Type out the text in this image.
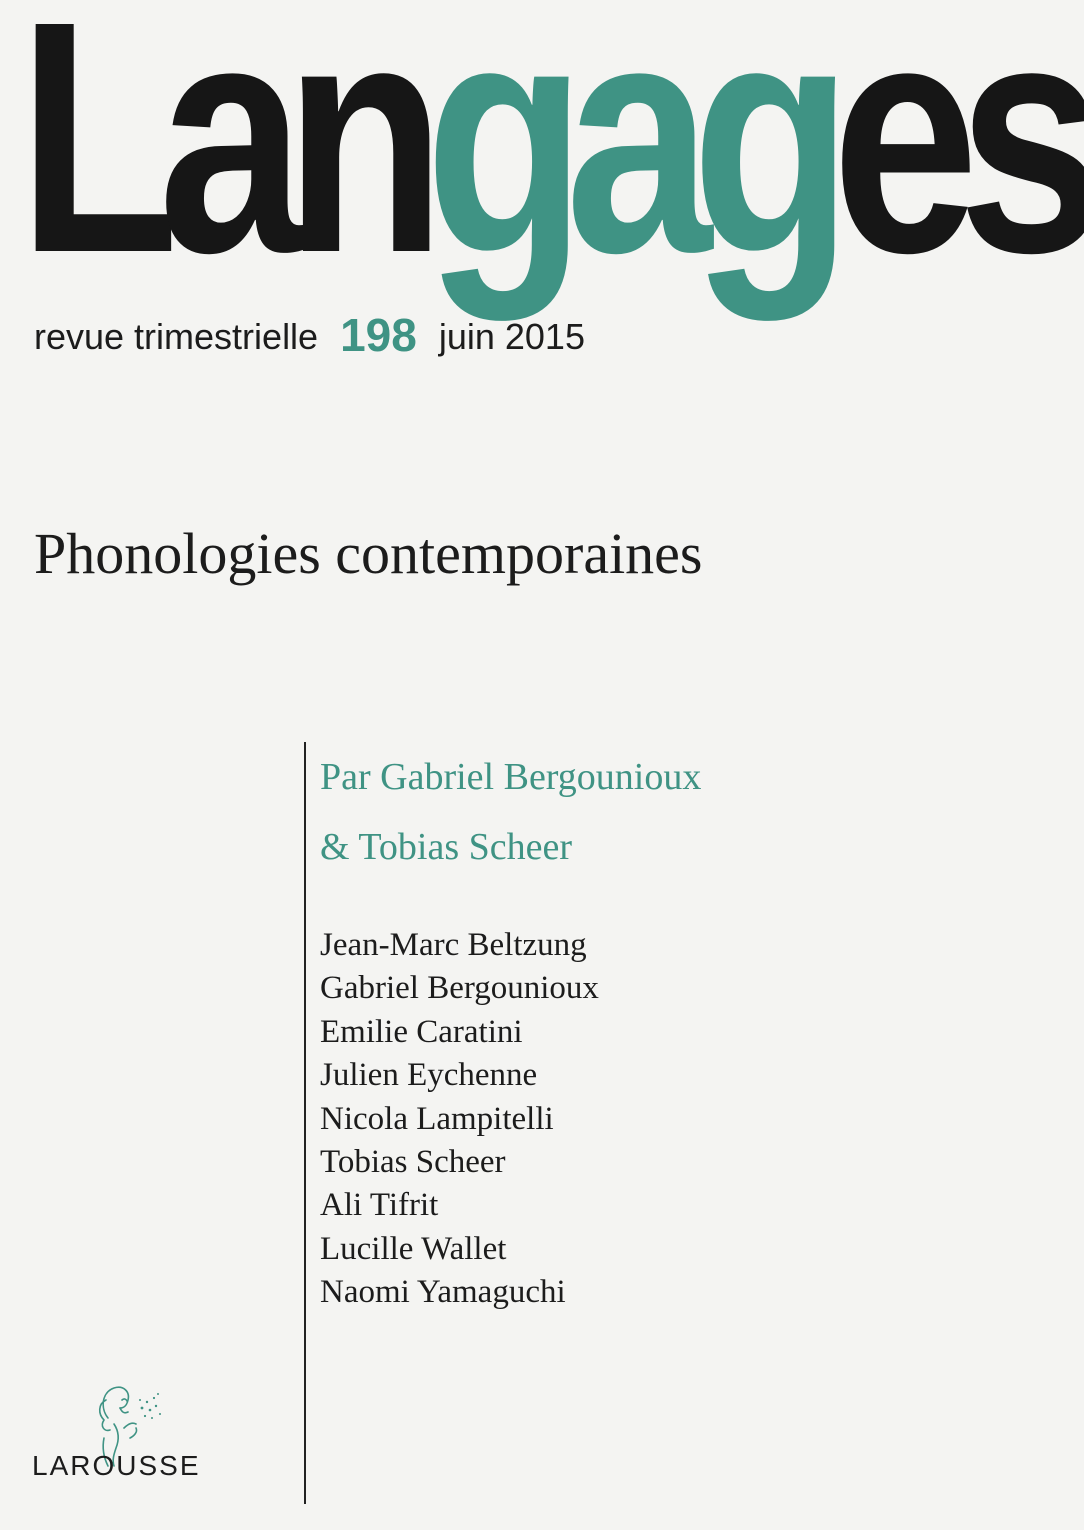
Langages
revue trimestrielle 198 juin 2015
Phonologies contemporaines
Par Gabriel Bergounioux
& Tobias Scheer
Jean-Marc Beltzung
Gabriel Bergounioux
Emilie Caratini
Julien Eychenne
Nicola Lampitelli
Tobias Scheer
Ali Tifrit
Lucille Wallet
Naomi Yamaguchi
LAROUSSE
